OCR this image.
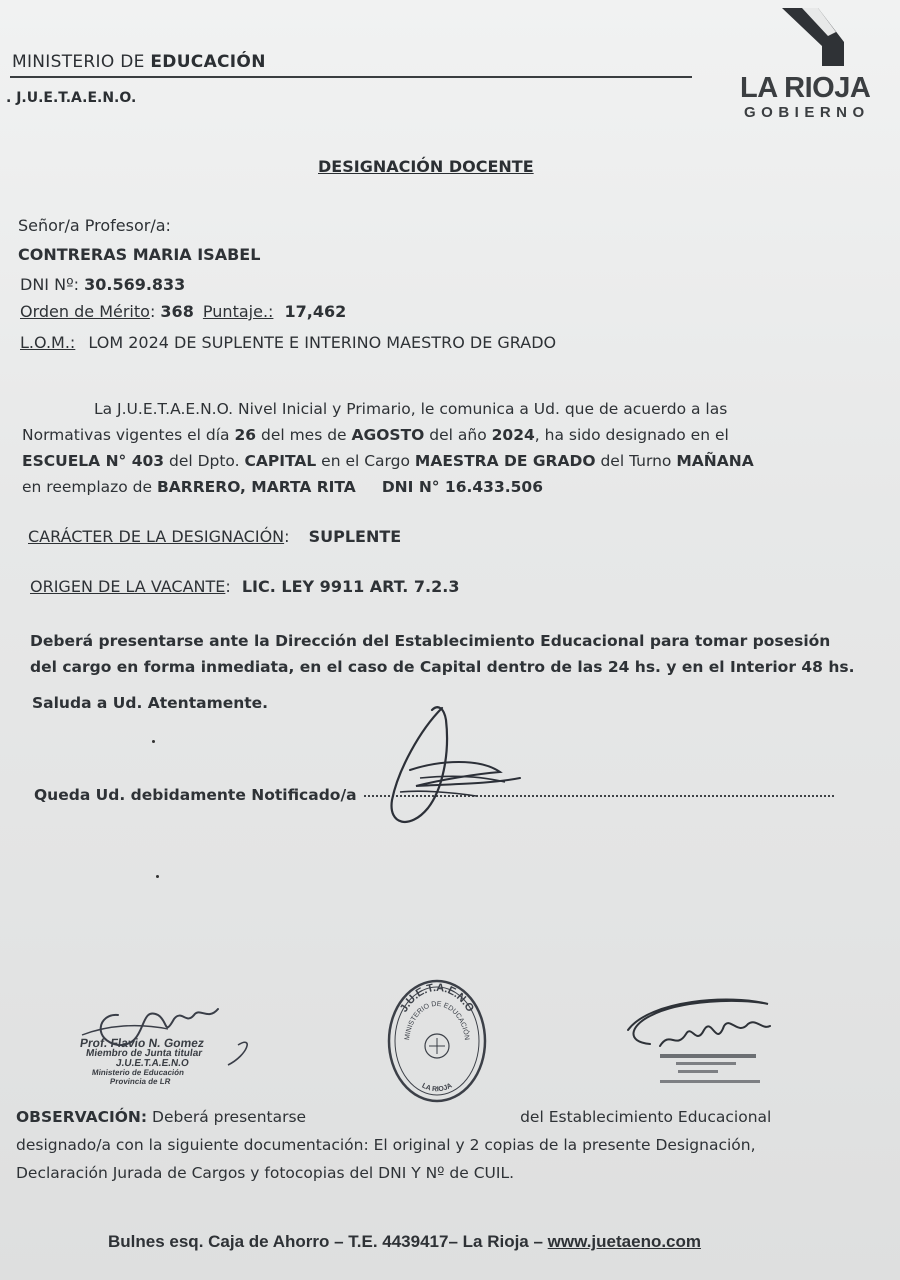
MINISTERIO DE EDUCACIÓN
. J.U.E.T.A.E.N.O.	LA RIOJA
GOBIERNO
DESIGNACIÓN DOCENTE
Señor/a Profesor/a:
CONTRERAS MARIA ISABEL
DNI Nº: 30.569.833
Orden de Mérito: 368 Puntaje.: 17,462
L.O.M.: LOM 2024 DE SUPLENTE E INTERINO MAESTRO DE GRADO
La J.U.E.T.A.E.N.O. Nivel Inicial y Primario, le comunica a Ud. que de acuerdo a las
Normativas vigentes el día 26 del mes de AGOSTO del año 2024, ha sido designado en el
ESCUELA N° 403 del Dpto. CAPITAL en el Cargo MAESTRA DE GRADO del Turno MAÑANA
en reemplazo de BARRERO, MARTA RITA DNI N° 16.433.506
CARÁCTER DE LA DESIGNACIÓN: SUPLENTE
ORIGEN DE LA VACANTE: LIC. LEY 9911 ART. 7.2.3
Deberá presentarse ante la Dirección del Establecimiento Educacional para tomar posesión
del cargo en forma inmediata, en el caso de Capital dentro de las 24 hs. y en el Interior 48 hs.
Saluda a Ud. Atentamente.
Queda Ud. debidamente Notificado/a
Prof. Flavio N. Gomez
Miembro de Junta titular
J.U.E.T.A.E.N.O
Ministerio de Educación
Provincia de LR
J.U.E.T.A.E.N.O
MINISTERIO DE EDUCACIÓN
LA RIOJA
OBSERVACIÓN: Deberá presentarse	del Establecimiento Educacional
designado/a con la siguiente documentación: El original y 2 copias de la presente Designación,
Declaración Jurada de Cargos y fotocopias del DNI Y Nº de CUIL.
Bulnes esq. Caja de Ahorro – T.E. 4439417– La Rioja – www.juetaeno.com
